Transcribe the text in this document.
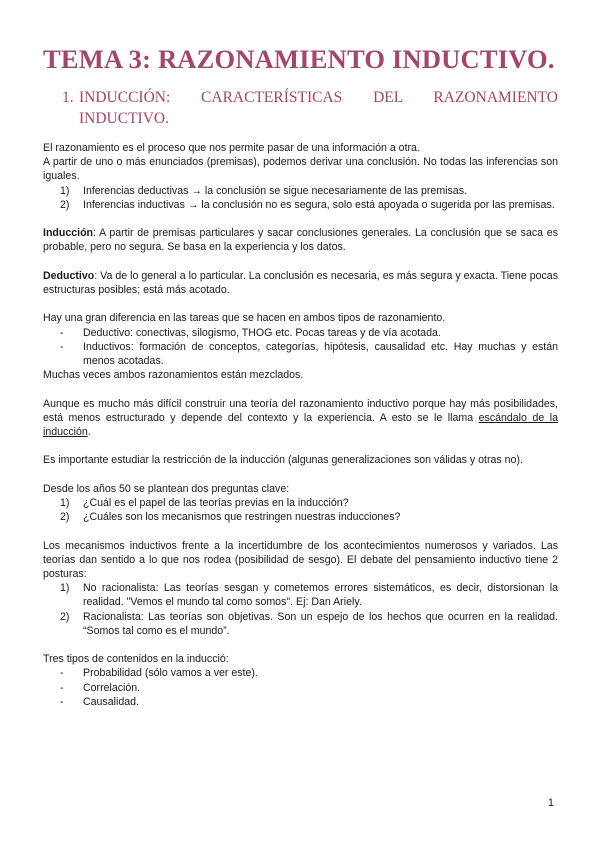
TEMA 3: RAZONAMIENTO INDUCTIVO.
1. INDUCCIÓN: CARACTERÍSTICAS DEL RAZONAMIENTO
INDUCTIVO.

El razonamiento es el proceso que nos permite pasar de una información a otra.

A partir de uno o más enunciados (premisas), podemos derivar una conclusión. No todas las inferencias son iguales.

1) Inferencias deductivas → la conclusión se sigue necesariamente de las premisas.
2) Inferencias inductivas → la conclusión no es segura, solo está apoyada o sugerida por las premisas.

Inducción: A partir de premisas particulares y sacar conclusiones generales. La conclusión que se saca es probable, pero no segura. Se basa en la experiencia y los datos.

Deductivo: Va de lo general a lo particular. La conclusión es necesaria, es más segura y exacta. Tiene pocas estructuras posibles; está más acotado.

Hay una gran diferencia en las tareas que se hacen en ambos tipos de razonamiento.

- Deductivo: conectivas, silogismo, THOG etc. Pocas tareas y de vía acotada.
- Inductivos: formación de conceptos, categorías, hipótesis, causalidad etc. Hay muchas y están menos acotadas.

Muchas veces ambos razonamientos están mezclados.

Aunque es mucho más difícil construir una teoría del razonamiento inductivo porque hay más posibilidades, está menos estructurado y depende del contexto y la experiencia. A esto se le llama escándalo de la inducción.

Es importante estudiar la restricción de la inducción (algunas generalizaciones son válidas y otras no).

Desde los años 50 se plantean dos preguntas clave:

1) ¿Cuál es el papel de las teorías previas en la inducción?
2) ¿Cuáles son los mecanismos que restringen nuestras inducciones?

Los mecanismos inductivos frente a la incertidumbre de los acontecimientos numerosos y variados. Las teorías dan sentido a lo que nos rodea (posibilidad de sesgo). El debate del pensamiento inductivo tiene 2 posturas:

1) No racionalista: Las teorías sesgan y cometemos errores sistemáticos, es decir, distorsionan la realidad. "Vemos el mundo tal como somos". Ej: Dan Ariely.
2) Racionalista: Las teorías son objetivas. Son un espejo de los hechos que ocurren en la realidad. “Somos tal como es el mundo”.

Tres tipos de contenidos en la inducció:

- Probabilidad (sólo vamos a ver este).
- Correlación.
- Causalidad.
1
